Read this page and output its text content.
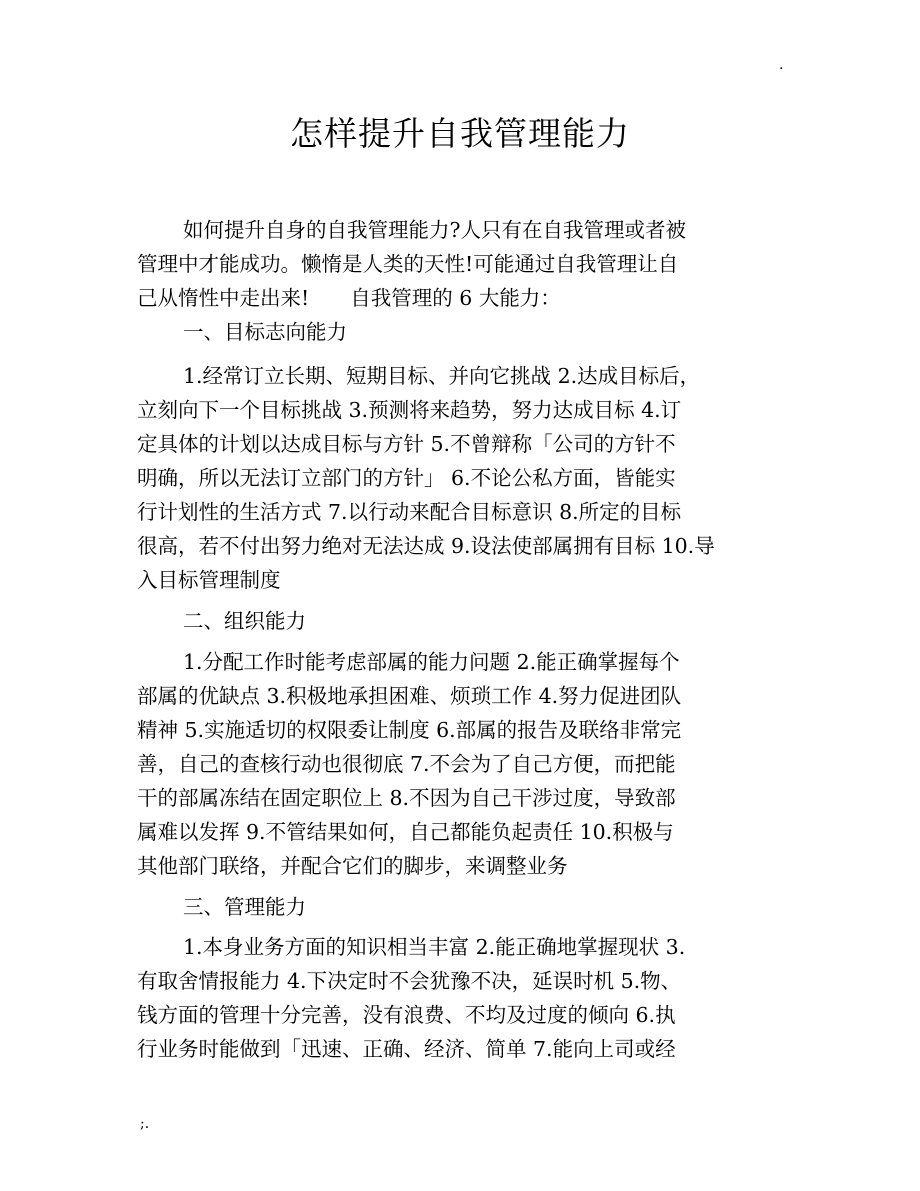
.
怎样提升自我管理能力

如何提升自身的自我管理能力?人只有在自我管理或者被

管理中才能成功。懒惰是人类的天性!可能通过自我管理让自

己从惰性中走出来!　　自我管理的 6 大能力：

一、目标志向能力

1.经常订立长期、短期目标、并向它挑战 2.达成目标后，

立刻向下一个目标挑战 3.预测将来趋势，努力达成目标 4.订

定具体的计划以达成目标与方针 5.不曾辩称「公司的方针不

明确，所以无法订立部门的方针」 6.不论公私方面，皆能实

行计划性的生活方式 7.以行动来配合目标意识 8.所定的目标

很高，若不付出努力绝对无法达成 9.设法使部属拥有目标 10.导

入目标管理制度

二、组织能力

1.分配工作时能考虑部属的能力问题 2.能正确掌握每个

部属的优缺点 3.积极地承担困难、烦琐工作 4.努力促进团队

精神 5.实施适切的权限委让制度 6.部属的报告及联络非常完

善，自己的查核行动也很彻底 7.不会为了自己方便，而把能

干的部属冻结在固定职位上 8.不因为自己干涉过度，导致部

属难以发挥 9.不管结果如何，自己都能负起责任 10.积极与

其他部门联络，并配合它们的脚步，来调整业务

三、管理能力

1.本身业务方面的知识相当丰富 2.能正确地掌握现状 3.

有取舍情报能力 4.下决定时不会犹豫不决，延误时机 5.物、

钱方面的管理十分完善，没有浪费、不均及过度的倾向 6.执

行业务时能做到「迅速、正确、经济、简单 7.能向上司或经

;.
